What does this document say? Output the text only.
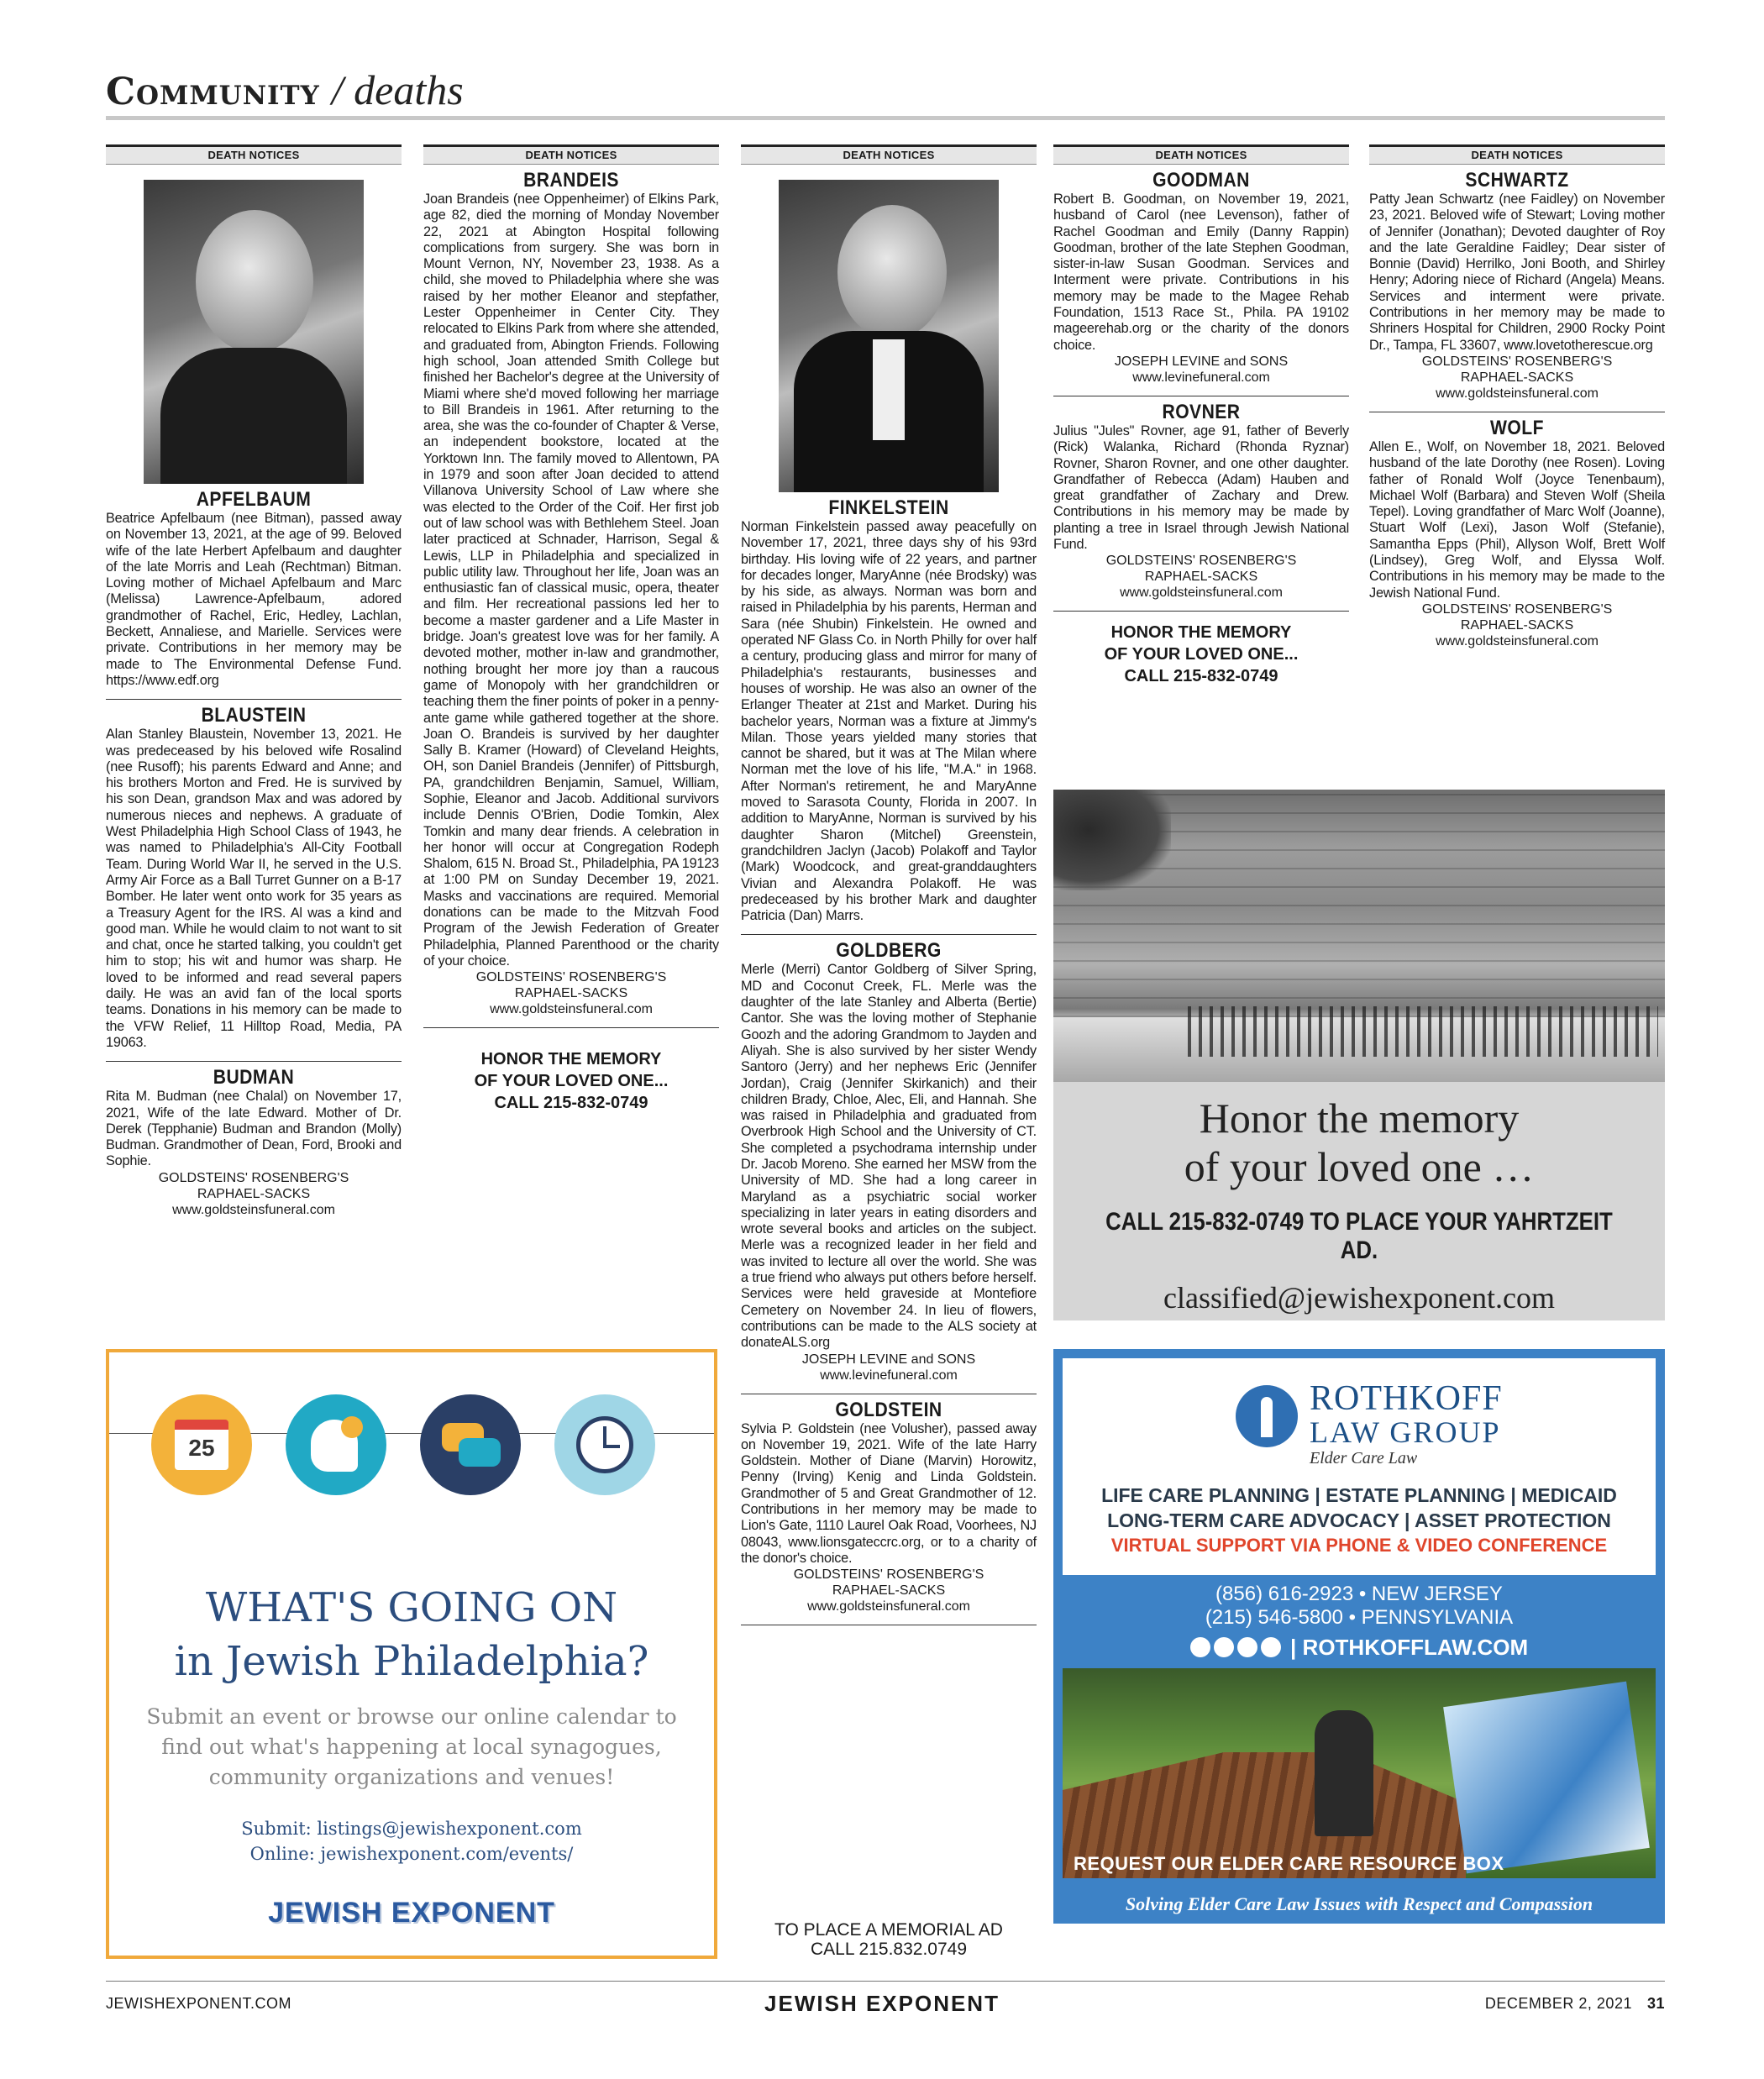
Community / deaths
DEATH NOTICES
APFELBAUM
Beatrice Apfelbaum (nee Bitman), passed away on November 13, 2021, at the age of 99. Beloved wife of the late Herbert Apfelbaum and daughter of the late Morris and Leah (Rechtman) Bitman. Loving mother of Michael Apfelbaum and Marc (Melissa) Lawrence-Apfelbaum, adored grandmother of Rachel, Eric, Hedley, Lachlan, Beckett, Annaliese, and Marielle. Services were private. Contributions in her memory may be made to The Environmental Defense Fund. https://www.edf.org
BLAUSTEIN
Alan Stanley Blaustein, November 13, 2021. He was predeceased by his beloved wife Rosalind (nee Rusoff); his parents Edward and Anne; and his brothers Morton and Fred. He is survived by his son Dean, grandson Max and was adored by numerous nieces and nephews. A graduate of West Philadelphia High School Class of 1943, he was named to Philadelphia's All-City Football Team. During World War II, he served in the U.S. Army Air Force as a Ball Turret Gunner on a B-17 Bomber. He later went onto work for 35 years as a Treasury Agent for the IRS. Al was a kind and good man. While he would claim to not want to sit and chat, once he started talking, you couldn't get him to stop; his wit and humor was sharp. He loved to be informed and read several papers daily. He was an avid fan of the local sports teams. Donations in his memory can be made to the VFW Relief, 11 Hilltop Road, Media, PA 19063.
BUDMAN
Rita M. Budman (nee Chalal) on November 17, 2021, Wife of the late Edward. Mother of Dr. Derek (Tepphanie) Budman and Brandon (Molly) Budman. Grandmother of Dean, Ford, Brooki and Sophie.
GOLDSTEINS' ROSENBERG'S
RAPHAEL-SACKS
www.goldsteinsfuneral.com
DEATH NOTICES
BRANDEIS
Joan Brandeis (nee Oppenheimer) of Elkins Park, age 82, died the morning of Monday November 22, 2021 at Abington Hospital following complications from surgery. She was born in Mount Vernon, NY, November 23, 1938. As a child, she moved to Philadelphia where she was raised by her mother Eleanor and stepfather, Lester Oppenheimer in Center City. They relocated to Elkins Park from where she attended, and graduated from, Abington Friends. Following high school, Joan attended Smith College but finished her Bachelor's degree at the University of Miami where she'd moved following her marriage to Bill Brandeis in 1961. After returning to the area, she was the co-founder of Chapter & Verse, an independent bookstore, located at the Yorktown Inn. The family moved to Allentown, PA in 1979 and soon after Joan decided to attend Villanova University School of Law where she was elected to the Order of the Coif. Her first job out of law school was with Bethlehem Steel. Joan later practiced at Schnader, Harrison, Segal & Lewis, LLP in Philadelphia and specialized in public utility law. Throughout her life, Joan was an enthusiastic fan of classical music, opera, theater and film. Her recreational passions led her to become a master gardener and a Life Master in bridge. Joan's greatest love was for her family. A devoted mother, mother in-law and grandmother, nothing brought her more joy than a raucous game of Monopoly with her grandchildren or teaching them the finer points of poker in a penny-ante game while gathered together at the shore. Joan O. Brandeis is survived by her daughter Sally B. Kramer (Howard) of Cleveland Heights, OH, son Daniel Brandeis (Jennifer) of Pittsburgh, PA, grandchildren Benjamin, Samuel, William, Sophie, Eleanor and Jacob. Additional survivors include Dennis O'Brien, Dodie Tomkin, Alex Tomkin and many dear friends. A celebration in her honor will occur at Congregation Rodeph Shalom, 615 N. Broad St., Philadelphia, PA 19123 at 1:00 PM on Sunday December 19, 2021. Masks and vaccinations are required. Memorial donations can be made to the Mitzvah Food Program of the Jewish Federation of Greater Philadelphia, Planned Parenthood or the charity of your choice.
GOLDSTEINS' ROSENBERG'S
RAPHAEL-SACKS
www.goldsteinsfuneral.com
HONOR THE MEMORY
OF YOUR LOVED ONE...
CALL 215-832-0749
DEATH NOTICES
FINKELSTEIN
Norman Finkelstein passed away peacefully on November 17, 2021, three days shy of his 93rd birthday. His loving wife of 22 years, and partner for decades longer, MaryAnne (née Brodsky) was by his side, as always. Norman was born and raised in Philadelphia by his parents, Herman and Sara (née Shubin) Finkelstein. He owned and operated NF Glass Co. in North Philly for over half a century, producing glass and mirror for many of Philadelphia's restaurants, businesses and houses of worship. He was also an owner of the Erlanger Theater at 21st and Market. During his bachelor years, Norman was a fixture at Jimmy's Milan. Those years yielded many stories that cannot be shared, but it was at The Milan where Norman met the love of his life, "M.A." in 1968. After Norman's retirement, he and MaryAnne moved to Sarasota County, Florida in 2007. In addition to MaryAnne, Norman is survived by his daughter Sharon (Mitchel) Greenstein, grandchildren Jaclyn (Jacob) Polakoff and Taylor (Mark) Woodcock, and great-granddaughters Vivian and Alexandra Polakoff. He was predeceased by his brother Mark and daughter Patricia (Dan) Marrs.
GOLDBERG
Merle (Merri) Cantor Goldberg of Silver Spring, MD and Coconut Creek, FL. Merle was the daughter of the late Stanley and Alberta (Bertie) Cantor. She was the loving mother of Stephanie Goozh and the adoring Grandmom to Jayden and Aliyah. She is also survived by her sister Wendy Santoro (Jerry) and her nephews Eric (Jennifer Jordan), Craig (Jennifer Skirkanich) and their children Brady, Chloe, Alec, Eli, and Hannah. She was raised in Philadelphia and graduated from Overbrook High School and the University of CT. She completed a psychodrama internship under Dr. Jacob Moreno. She earned her MSW from the University of MD. She had a long career in Maryland as a psychiatric social worker specializing in later years in eating disorders and wrote several books and articles on the subject. Merle was a recognized leader in her field and was invited to lecture all over the world. She was a true friend who always put others before herself. Services were held graveside at Montefiore Cemetery on November 24. In lieu of flowers, contributions can be made to the ALS society at donateALS.org
JOSEPH LEVINE and SONS
www.levinefuneral.com
GOLDSTEIN
Sylvia P. Goldstein (nee Volusher), passed away on November 19, 2021. Wife of the late Harry Goldstein. Mother of Diane (Marvin) Horowitz, Penny (Irving) Kenig and Linda Goldstein. Grandmother of 5 and Great Grandmother of 12. Contributions in her memory may be made to Lion's Gate, 1110 Laurel Oak Road, Voorhees, NJ 08043, www.lionsgateccrc.org, or to a charity of the donor's choice.
GOLDSTEINS' ROSENBERG'S
RAPHAEL-SACKS
www.goldsteinsfuneral.com
DEATH NOTICES
GOODMAN
Robert B. Goodman, on November 19, 2021, husband of Carol (nee Levenson), father of Rachel Goodman and Emily (Danny Rappin) Goodman, brother of the late Stephen Goodman, sister-in-law Susan Goodman. Services and Interment were private. Contributions in his memory may be made to the Magee Rehab Foundation, 1513 Race St., Phila. PA 19102 mageerehab.org or the charity of the donors choice.
JOSEPH LEVINE and SONS
www.levinefuneral.com
ROVNER
Julius "Jules" Rovner, age 91, father of Beverly (Rick) Walanka, Richard (Rhonda Ryznar) Rovner, Sharon Rovner, and one other daughter. Grandfather of Rebecca (Adam) Hauben and great grandfather of Zachary and Drew. Contributions in his memory may be made by planting a tree in Israel through Jewish National Fund.
GOLDSTEINS' ROSENBERG'S
RAPHAEL-SACKS
www.goldsteinsfuneral.com
HONOR THE MEMORY
OF YOUR LOVED ONE...
CALL 215-832-0749
DEATH NOTICES
SCHWARTZ
Patty Jean Schwartz (nee Faidley) on November 23, 2021. Beloved wife of Stewart; Loving mother of Jennifer (Jonathan); Devoted daughter of Roy and the late Geraldine Faidley; Dear sister of Bonnie (David) Herrilko, Joni Booth, and Shirley Henry; Adoring niece of Richard (Angela) Means. Services and interment were private. Contributions in her memory may be made to Shriners Hospital for Children, 2900 Rocky Point Dr., Tampa, FL 33607, www.lovetotherescue.org
GOLDSTEINS' ROSENBERG'S
RAPHAEL-SACKS
www.goldsteinsfuneral.com
WOLF
Allen E., Wolf, on November 18, 2021. Beloved husband of the late Dorothy (nee Rosen). Loving father of Ronald Wolf (Joyce Tenenbaum), Michael Wolf (Barbara) and Steven Wolf (Sheila Tepel). Loving grandfather of Marc Wolf (Joanne), Stuart Wolf (Lexi), Jason Wolf (Stefanie), Samantha Epps (Phil), Allyson Wolf, Brett Wolf (Lindsey), Greg Wolf, and Elyssa Wolf. Contributions in his memory may be made to the Jewish National Fund.
GOLDSTEINS' ROSENBERG'S
RAPHAEL-SACKS
www.goldsteinsfuneral.com
Honor the memory
of your loved one …
CALL 215-832-0749 TO PLACE YOUR YAHRTZEIT AD.
classified@jewishexponent.com
25
WHAT'S GOING ON
in Jewish Philadelphia?
Submit an event or browse our online calendar to
find out what's happening at local synagogues,
community organizations and venues!
Submit: listings@jewishexponent.com
Online: jewishexponent.com/events/
JEWISH EXPONENT
ROTHKOFF
LAW GROUP
Elder Care Law
LIFE CARE PLANNING | ESTATE PLANNING | MEDICAID
LONG-TERM CARE ADVOCACY | ASSET PROTECTION
VIRTUAL SUPPORT VIA PHONE & VIDEO CONFERENCE
(856) 616-2923 • NEW JERSEY
(215) 546-5800 • PENNSYLVANIA
| ROTHKOFFLAW.COM
REQUEST OUR ELDER CARE RESOURCE BOX
Solving Elder Care Law Issues with Respect and Compassion
TO PLACE A MEMORIAL AD
CALL 215.832.0749
JEWISHEXPONENT.COM	JEWISH EXPONENT	DECEMBER 2, 2021 31
